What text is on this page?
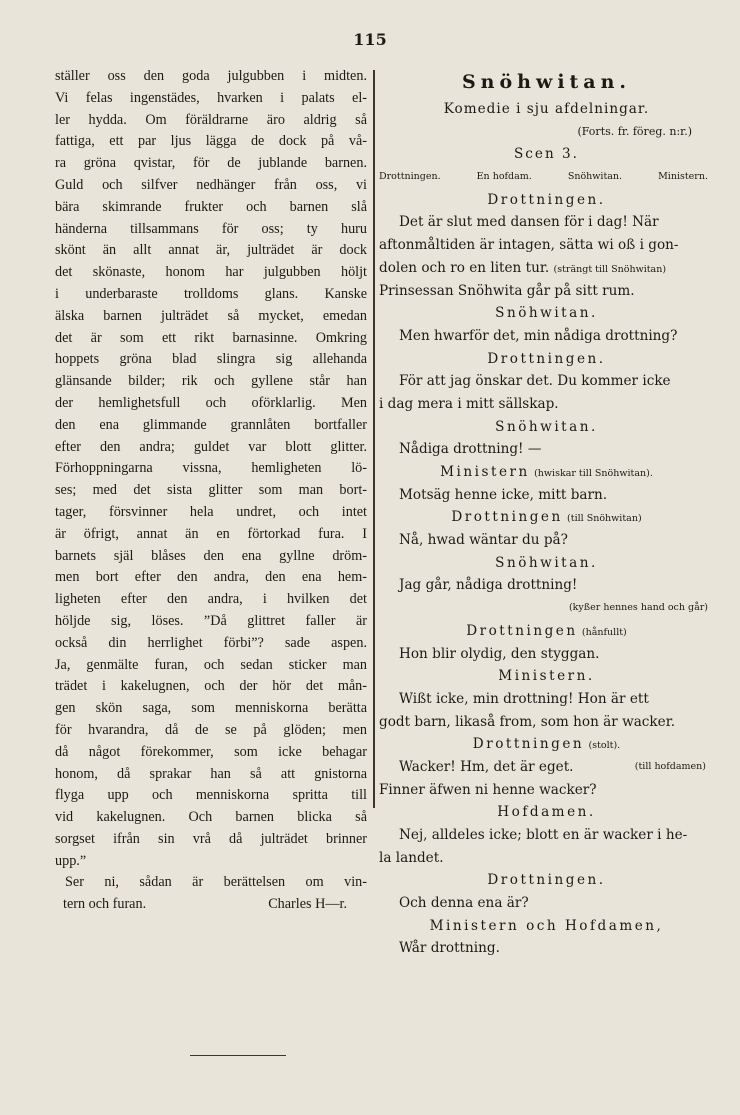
115
ställer oss den goda julgubben i midten.
Vi felas ingenstädes, hvarken i palats el-
ler hydda. Om föräldrarne äro aldrig så
fattiga, ett par ljus lägga de dock på vå-
ra gröna qvistar, för de jublande barnen.
Guld och silfver nedhänger från oss, vi
bära skimrande frukter och barnen slå
händerna tillsammans för oss; ty huru
skönt än allt annat är, julträdet är dock
det skönaste, honom har julgubben höljt
i underbaraste trolldoms glans. Kanske
älska barnen julträdet så mycket, emedan
det är som ett rikt barnasinne. Omkring
hoppets gröna blad slingra sig allehanda
glänsande bilder; rik och gyllene står han
der hemlighetsfull och oförklarlig. Men
den ena glimmande grannlåten bortfaller
efter den andra; guldet var blott glitter.
Förhoppningarna vissna, hemligheten lö-
ses; med det sista glitter som man bort-
tager, försvinner hela undret, och intet
är öfrigt, annat än en förtorkad fura. I
barnets själ blåses den ena gyllne dröm-
men bort efter den andra, den ena hem-
ligheten efter den andra, i hvilken det
höljde sig, löses. ”Då glittret faller är
också din herrlighet förbi”? sade aspen.
Ja, genmälte furan, och sedan sticker man
trädet i kakelugnen, och der hör det mån-
gen skön saga, som menniskorna berätta
för hvarandra, då de se på glöden; men
då något förekommer, som icke behagar
honom, då sprakar han så att gnistorna
flyga upp och menniskorna spritta till
vid kakelugnen. Och barnen blicka så
sorgset ifrån sin vrå då julträdet brinner
upp.”
Ser ni, sådan är berättelsen om vin-
tern och furan.	Charles H—r.
Snöhwitan.
Komedie i sju afdelningar.
(Forts. fr. föreg. n:r.)
Scen 3.
Drottningen.	En hofdam.	Snöhwitan.	Ministern.
Drottningen.
Det är slut med dansen för i dag! När
aftonmåltiden är intagen, sätta wi oß i gon-
dolen och ro en liten tur. (strängt till Snöhwitan)
Prinsessan Snöhwita går på sitt rum.
Snöhwitan.
Men hwarför det, min nådiga drottning?
Drottningen.
För att jag önskar det. Du kommer icke
i dag mera i mitt sällskap.
Snöhwitan.
Nådiga drottning! —
Ministern (hwiskar till Snöhwitan).
Motsäg henne icke, mitt barn.
Drottningen (till Snöhwitan)
Nå, hwad wäntar du på?
Snöhwitan.
Jag går, nådiga drottning!
(kyßer hennes hand och går)
Drottningen (hånfullt)
Hon blir olydig, den styggan.
Ministern.
Wißt icke, min drottning! Hon är ett
godt barn, likaså from, som hon är wacker.
Drottningen (stolt).
Wacker! Hm, det är eget.	(till hofdamen)
Finner äfwen ni henne wacker?
Hofdamen.
Nej, alldeles icke; blott en är wacker i he-
la landet.
Drottningen.
Och denna ena är?
Ministern och Hofdamen,
Wår drottning.
